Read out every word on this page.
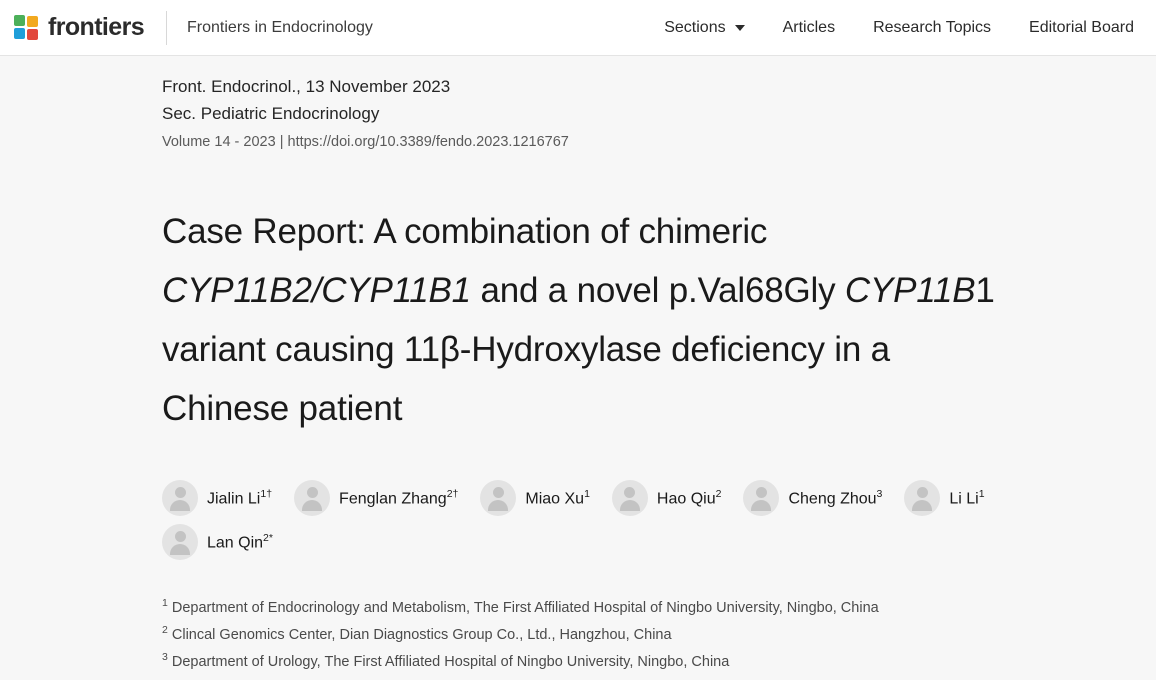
frontiers	Frontiers in Endocrinology	Sections	Articles Research Topics Editorial Board
Front. Endocrinol., 13 November 2023
Sec. Pediatric Endocrinology
Volume 14 - 2023 | https://doi.org/10.3389/fendo.2023.1216767
Case Report: A combination of chimeric CYP11B2/CYP11B1 and a novel p.Val68Gly CYP11B1 variant causing 11β-Hydroxylase deficiency in a Chinese patient
Jialin $Li^{1\dagger}$	Fenglan Zhang$^{2\dagger}$	Miao Xu$^1$	Hao Qiu$^2$	Cheng Zhou$^3$	Li Li$^1$
Lan Qin$^{2*}$
$^1$ Department of Endocrinology and Metabolism, The First Affiliated Hospital of Ningbo University, Ningbo, China
$^2$ Clincal Genomics Center, Dian Diagnostics Group Co., Ltd., Hangzhou, China
$^3$ Department of Urology, The First Affiliated Hospital of Ningbo University, Ningbo, China
